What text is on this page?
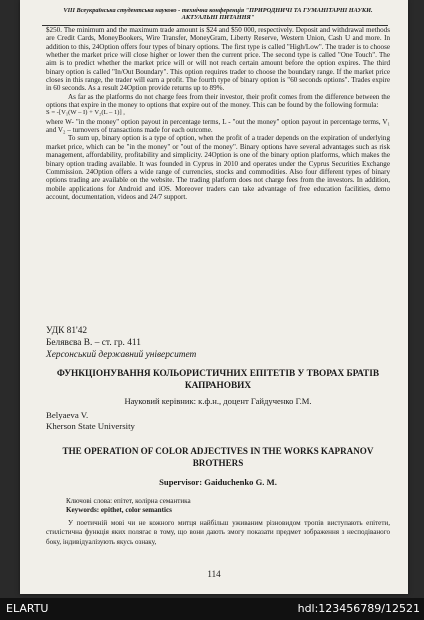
VIII Всеукраїнська студентська науково - технічна конференція "ПРИРОДНИЧІ ТА ГУМАНІТАРНІ НАУКИ.
АКТУАЛЬНІ ПИТАННЯ"

$250. The minimum and the maximum trade amount is $24 and $50 000, respectively. Deposit and withdrawal methods are Credit Cards, MoneyBookers, Wire Transfer, MoneyGram, Liberty Reserve, Western Union, Cash U and more. In addition to this, 24Option offers four types of binary options. The first type is called "High/Low". The trader is to choose whether the market price will close higher or lower then the current price. The second type is called "One Touch". The aim is to predict whether the market price will or will not reach certain amount before the option expires. The third binary option is called "In/Out Boundary". This option requires trader to choose the boundary range. If the market price closes in this range, the trader will earn a profit. The fourth type of binary option is "60 seconds options". Trades expire in 60 seconds. As a result 24Option provide returns up to 89%.

As far as the platforms do not charge fees from their investor, their profit comes from the difference between the options that expire in the money to options that expire out of the money. This can be found by the following formula:

S = -[V₁(W – I) + V₂(L – 1)] ,

where W- "in the money" option payout in percentage terms, L - "out the money" option payout in percentage terms, V₁ and V₂ – turnovers of transactions made for each outcome.

To sum up, binary option is a type of option, when the profit of a trader depends on the expiration of underlying market price, which can be "in the money" or "out of the money". Binary options have several advantages such as risk management, affordability, profitability and simplicity. 24Option is one of the binary option platforms, which makes the binary option trading available. It was founded in Cyprus in 2010 and operates under the Cyprus Securities Exchange Commission. 24Option offers a wide range of currencies, stocks and commodities. Also four different types of binary options trading are available on the website. The trading platform does not charge fees from the investors. In addition, mobile applications for Android and iOS. Moreover traders can take advantage of free education facilities, demo account, documentation, videos and 24/7 support.

УДК 81'42
Белявєва В. – ст. гр. 411
Херсонський державний університет
ФУНКЦІОНУВАННЯ КОЛЬОРИСТИЧНИХ ЕПІТЕТІВ У ТВОРАХ БРАТІВ КАПРАНОВИХ
Науковий керівник: к.ф.н., доцент Гайдученко Г.М.
Belyaeva V.
Kherson State University
THE OPERATION OF COLOR ADJECTIVES IN THE WORKS KAPRANOV BROTHERS
Supervisor: Gaiduchenko G. M.
Ключові слова: епітет, колірна семантика
Keywords: epithet, color semantics

У поетичній мові чи не кожного митця найбільш уживаним різновидом тропів виступають епітети, стилістична функція яких полягає в тому, що вони дають змогу показати предмет зображення з несподіваного боку, індивідуалізують якусь ознаку,

114
ELARTU	hdl:123456789/12521
